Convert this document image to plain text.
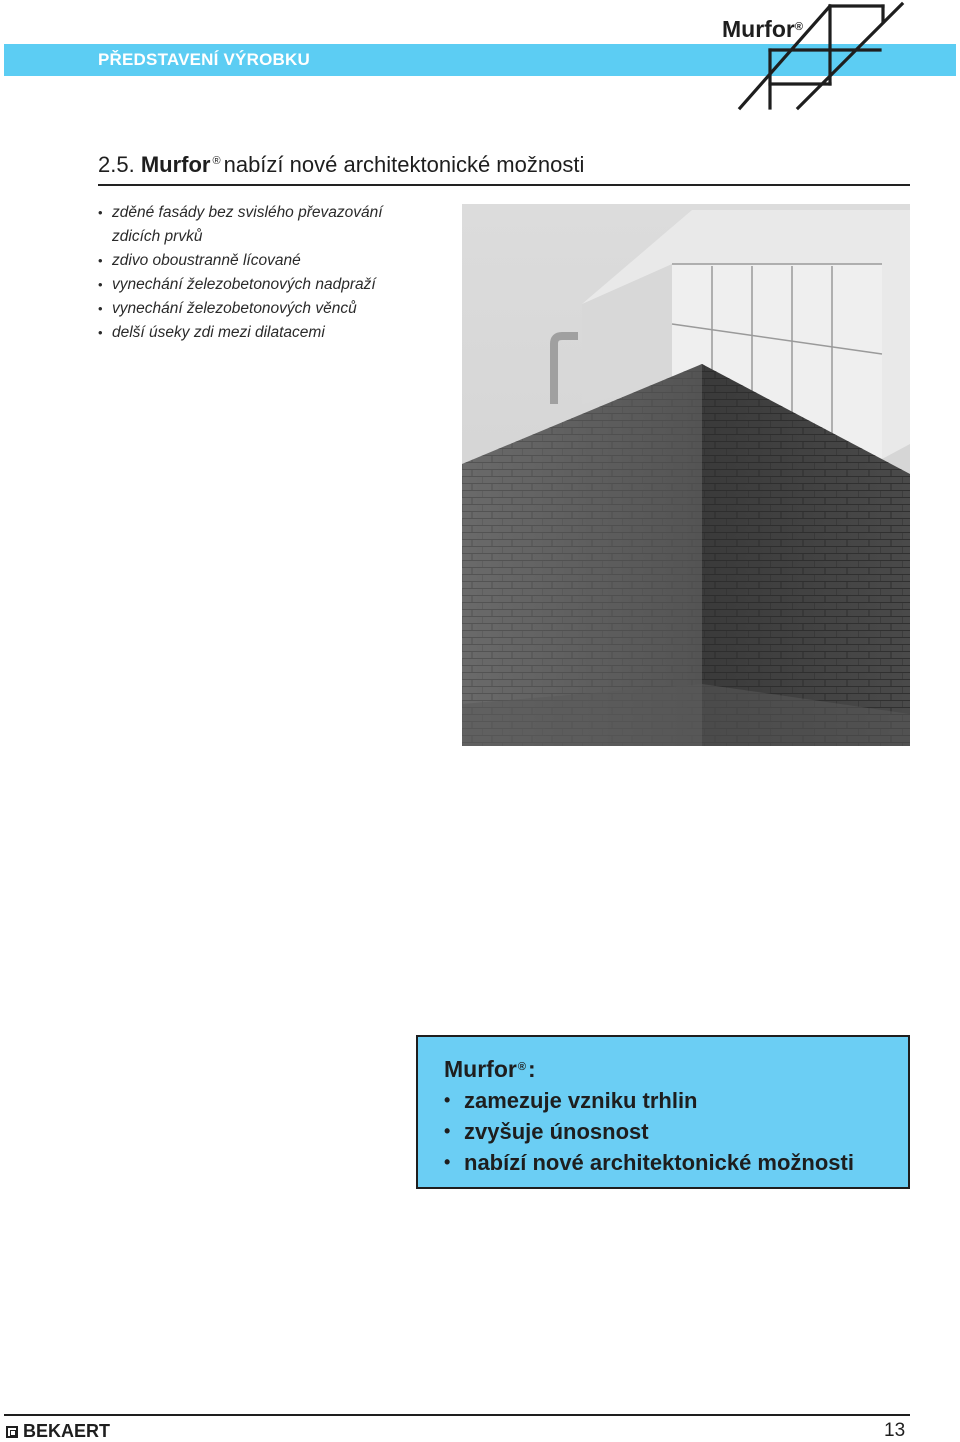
PŘEDSTAVENÍ VÝROBKU
Murfor®
2.5. Murfor ® nabízí nové architektonické možnosti
• zděné fasády bez svislého převazování
zdicích prvků
• zdivo oboustranně lícované
• vynechání železobetonových nadpraží
• vynechání železobetonových věnců
• delší úseky zdi mezi dilatacemi
Murfor®:
• zamezuje vzniku trhlin
• zvyšuje únosnost
• nabízí nové architektonické možnosti
BEKAERT	13
